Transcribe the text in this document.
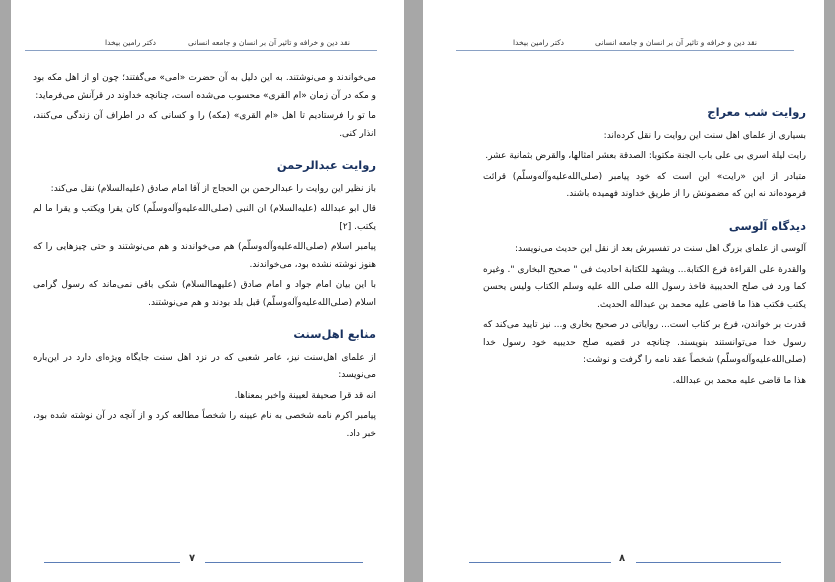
دکتر رامین بیخدا	نقد دین و خرافه و تاثیر آن بر انسان و جامعه انسانی

می‌خواندند و می‌نوشتند. به این دلیل به آن حضرت «امی» می‌گفتند؛ چون او از اهل مکه بود و مکه در آن زمان «ام القری» محسوب می‌شده است، چنانچه خداوند در قرآنش می‌فرماید:

ما تو را فرستادیم تا اهل «ام القری» (مکه) را و کسانی که در اطراف آن زندگی می‌کنند، انذار کنی.

روایت عبدالرحمن

باز نظیر این روایت را عبدالرحمن بن الحجاج از آقا امام صادق (علیه‌السلام) نقل می‌کند:

قال ابو عبدالله (علیه‌السلام) ان النبی (صلی‌الله‌علیه‌وآله‌وسلّم) کان یقرا ویکتب و یقرا ما لم یکتب. [۲]

پیامبر اسلام (صلی‌الله‌علیه‌وآله‌وسلّم) هم می‌خواندند و هم می‌نوشتند و حتی چیزهایی را که هنوز نوشته نشده بود، می‌خواندند.

با این بیان امام جواد و امام صادق (علیهما‌السلام) شکی باقی نمی‌ماند که رسول گرامی اسلام (صلی‌الله‌علیه‌وآله‌وسلّم) قبل بلد بودند و هم می‌نوشتند.

منابع اهل‌سنت

از علمای اهل‌سنت نیز، عامر شعبی که در نزد اهل سنت جایگاه ویژه‌ای دارد در این‌باره می‌نویسد:

انه قد قرا صحیفة لعیینة واخبر بمعناها.

پیامبر اکرم نامه شخصی به نام عیینه را شخصاً مطالعه کرد و از آنچه در آن نوشته شده بود، خبر داد.

۷
دکتر رامین بیخدا	نقد دین و خرافه و تاثیر آن بر انسان و جامعه انسانی
روایت شب معراج

بسیاری از علمای اهل سنت این روایت را نقل کرده‌اند:

رایت لیلة اسری بی علی باب الجنة مکتوبا: الصدقة بعشر امثالها، والقرض بثمانیة عشر.

متبادر از این «رایت» این است که خود پیامبر (صلی‌الله‌علیه‌وآله‌وسلّم) قرائت فرموده‌اند نه این که مضمونش را از طریق خداوند فهمیده باشند.

دیدگاه آلوسی

آلوسی از علمای بزرگ اهل سنت در تفسیرش بعد از نقل این حدیث می‌نویسد:

والقدرة علی القراءة فرع الکتابة... ویشهد للکتابة احادیث فی " صحیح البخاری ". وغیره کما ورد فی صلح الحدیبیة فاخذ رسول الله صلی الله علیه وسلم الکتاب ولیس یحسن یکتب فکتب هذا ما قاضی علیه محمد بن عبدالله الحدیث.

قدرت بر خواندن، فرع بر کتاب است... روایاتی در صحیح بخاری و... نیز تایید می‌کند که رسول خدا می‌توانستند بنویسند. چنانچه در قضیه صلح حدیبیه خود رسول خدا (صلی‌الله‌علیه‌وآله‌وسلّم) شخصاً عقد نامه را گرفت و نوشت:

هذا ما قاضی علیه محمد بن عبدالله.

۸
